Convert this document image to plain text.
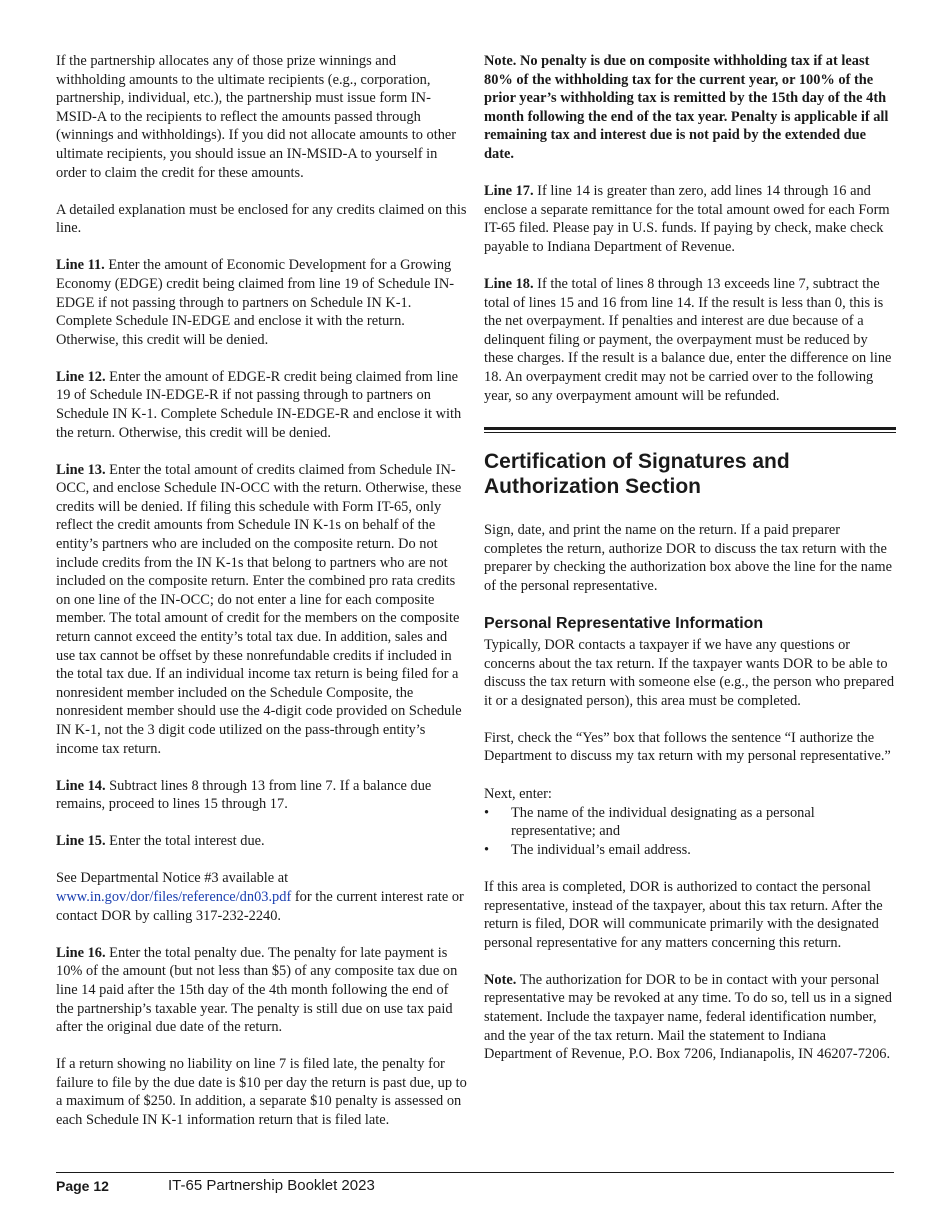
If the partnership allocates any of those prize winnings and withholding amounts to the ultimate recipients (e.g., corporation, partnership, individual, etc.), the partnership must issue form IN-MSID-A to the recipients to reflect the amounts passed through (winnings and withholdings). If you did not allocate amounts to other ultimate recipients, you should issue an IN-MSID-A to yourself in order to claim the credit for these amounts.

A detailed explanation must be enclosed for any credits claimed on this line.

Line 11. Enter the amount of Economic Development for a Growing Economy (EDGE) credit being claimed from line 19 of Schedule IN-EDGE if not passing through to partners on Schedule IN K-1. Complete Schedule IN-EDGE and enclose it with the return. Otherwise, this credit will be denied.

Line 12. Enter the amount of EDGE-R credit being claimed from line 19 of Schedule IN-EDGE-R if not passing through to partners on Schedule IN K-1. Complete Schedule IN-EDGE-R and enclose it with the return. Otherwise, this credit will be denied.

Line 13. Enter the total amount of credits claimed from Schedule IN-OCC, and enclose Schedule IN-OCC with the return. Otherwise, these credits will be denied. If filing this schedule with Form IT-65, only reflect the credit amounts from Schedule IN K-1s on behalf of the entity’s partners who are included on the composite return. Do not include credits from the IN K-1s that belong to partners who are not included on the composite return. Enter the combined pro rata credits on one line of the IN-OCC; do not enter a line for each composite member. The total amount of credit for the members on the composite return cannot exceed the entity’s total tax due. In addition, sales and use tax cannot be offset by these nonrefundable credits if included in the total tax due. If an individual income tax return is being filed for a nonresident member included on the Schedule Composite, the nonresident member should use the 4-digit code provided on Schedule IN K-1, not the 3 digit code utilized on the pass-through entity’s income tax return.

Line 14. Subtract lines 8 through 13 from line 7. If a balance due remains, proceed to lines 15 through 17.

Line 15. Enter the total interest due.

See Departmental Notice #3 available at www.in.gov/dor/files/reference/dn03.pdf for the current interest rate or contact DOR by calling 317-232-2240.

Line 16. Enter the total penalty due. The penalty for late payment is 10% of the amount (but not less than $5) of any composite tax due on line 14 paid after the 15th day of the 4th month following the end of the partnership’s taxable year. The penalty is still due on use tax paid after the original due date of the return.

If a return showing no liability on line 7 is filed late, the penalty for failure to file by the due date is $10 per day the return is past due, up to a maximum of $250. In addition, a separate $10 penalty is assessed on each Schedule IN K-1 information return that is filed late.

Note. No penalty is due on composite withholding tax if at least 80% of the withholding tax for the current year, or 100% of the prior year’s withholding tax is remitted by the 15th day of the 4th month following the end of the tax year. Penalty is applicable if all remaining tax and interest due is not paid by the extended due date.

Line 17. If line 14 is greater than zero, add lines 14 through 16 and enclose a separate remittance for the total amount owed for each Form IT-65 filed. Please pay in U.S. funds. If paying by check, make check payable to Indiana Department of Revenue.

Line 18. If the total of lines 8 through 13 exceeds line 7, subtract the total of lines 15 and 16 from line 14. If the result is less than 0, this is the net overpayment. If penalties and interest are due because of a delinquent filing or payment, the overpayment must be reduced by these charges. If the result is a balance due, enter the difference on line 18. An overpayment credit may not be carried over to the following year, so any overpayment amount will be refunded.

Certification of Signatures and Authorization Section

Sign, date, and print the name on the return. If a paid preparer completes the return, authorize DOR to discuss the tax return with the preparer by checking the authorization box above the line for the name of the personal representative.

Personal Representative Information

Typically, DOR contacts a taxpayer if we have any questions or concerns about the tax return. If the taxpayer wants DOR to be able to discuss the tax return with someone else (e.g., the person who prepared it or a designated person), this area must be completed.

First, check the “Yes” box that follows the sentence “I authorize the Department to discuss my tax return with my personal representative.”

Next, enter:

• The name of the individual designating as a personal representative; and
• The individual’s email address.

If this area is completed, DOR is authorized to contact the personal representative, instead of the taxpayer, about this tax return. After the return is filed, DOR will communicate primarily with the designated personal representative for any matters concerning this return.

Note. The authorization for DOR to be in contact with your personal representative may be revoked at any time. To do so, tell us in a signed statement. Include the taxpayer name, federal identification number, and the year of the tax return. Mail the statement to Indiana Department of Revenue, P.O. Box 7206, Indianapolis, IN 46207-7206.

Page 12	IT-65 Partnership Booklet 2023
